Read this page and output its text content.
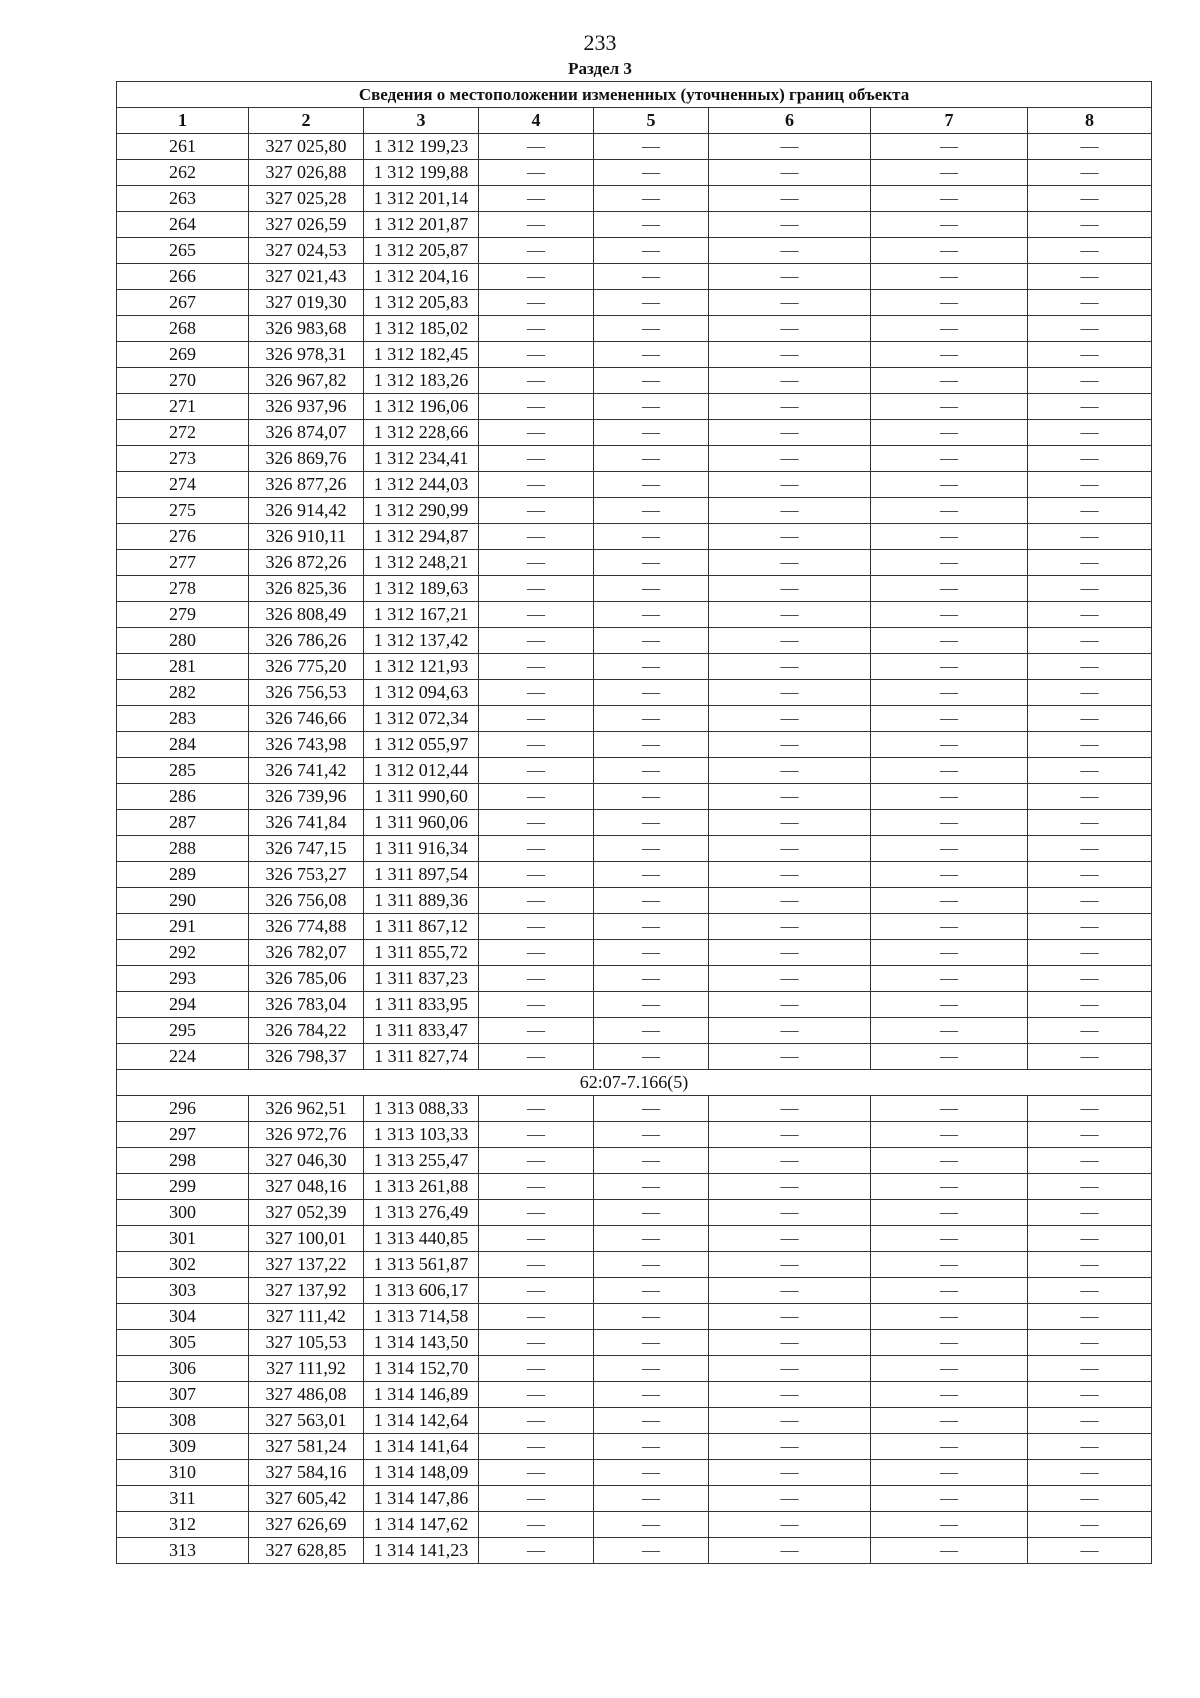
233
Раздел 3
Сведения о местоположении измененных (уточненных) границ объекта							
1	2	3	4	5	6	7	8
261	327 025,80	1 312 199,23	—	—	—	—	—
262	327 026,88	1 312 199,88	—	—	—	—	—
263	327 025,28	1 312 201,14	—	—	—	—	—
264	327 026,59	1 312 201,87	—	—	—	—	—
265	327 024,53	1 312 205,87	—	—	—	—	—
266	327 021,43	1 312 204,16	—	—	—	—	—
267	327 019,30	1 312 205,83	—	—	—	—	—
268	326 983,68	1 312 185,02	—	—	—	—	—
269	326 978,31	1 312 182,45	—	—	—	—	—
270	326 967,82	1 312 183,26	—	—	—	—	—
271	326 937,96	1 312 196,06	—	—	—	—	—
272	326 874,07	1 312 228,66	—	—	—	—	—
273	326 869,76	1 312 234,41	—	—	—	—	—
274	326 877,26	1 312 244,03	—	—	—	—	—
275	326 914,42	1 312 290,99	—	—	—	—	—
276	326 910,11	1 312 294,87	—	—	—	—	—
277	326 872,26	1 312 248,21	—	—	—	—	—
278	326 825,36	1 312 189,63	—	—	—	—	—
279	326 808,49	1 312 167,21	—	—	—	—	—
280	326 786,26	1 312 137,42	—	—	—	—	—
281	326 775,20	1 312 121,93	—	—	—	—	—
282	326 756,53	1 312 094,63	—	—	—	—	—
283	326 746,66	1 312 072,34	—	—	—	—	—
284	326 743,98	1 312 055,97	—	—	—	—	—
285	326 741,42	1 312 012,44	—	—	—	—	—
286	326 739,96	1 311 990,60	—	—	—	—	—
287	326 741,84	1 311 960,06	—	—	—	—	—
288	326 747,15	1 311 916,34	—	—	—	—	—
289	326 753,27	1 311 897,54	—	—	—	—	—
290	326 756,08	1 311 889,36	—	—	—	—	—
291	326 774,88	1 311 867,12	—	—	—	—	—
292	326 782,07	1 311 855,72	—	—	—	—	—
293	326 785,06	1 311 837,23	—	—	—	—	—
294	326 783,04	1 311 833,95	—	—	—	—	—
295	326 784,22	1 311 833,47	—	—	—	—	—
224	326 798,37	1 311 827,74	—	—	—	—	—
62:07-7.166(5)							
296	326 962,51	1 313 088,33	—	—	—	—	—
297	326 972,76	1 313 103,33	—	—	—	—	—
298	327 046,30	1 313 255,47	—	—	—	—	—
299	327 048,16	1 313 261,88	—	—	—	—	—
300	327 052,39	1 313 276,49	—	—	—	—	—
301	327 100,01	1 313 440,85	—	—	—	—	—
302	327 137,22	1 313 561,87	—	—	—	—	—
303	327 137,92	1 313 606,17	—	—	—	—	—
304	327 111,42	1 313 714,58	—	—	—	—	—
305	327 105,53	1 314 143,50	—	—	—	—	—
306	327 111,92	1 314 152,70	—	—	—	—	—
307	327 486,08	1 314 146,89	—	—	—	—	—
308	327 563,01	1 314 142,64	—	—	—	—	—
309	327 581,24	1 314 141,64	—	—	—	—	—
310	327 584,16	1 314 148,09	—	—	—	—	—
311	327 605,42	1 314 147,86	—	—	—	—	—
312	327 626,69	1 314 147,62	—	—	—	—	—
313	327 628,85	1 314 141,23	—	—	—	—	—
